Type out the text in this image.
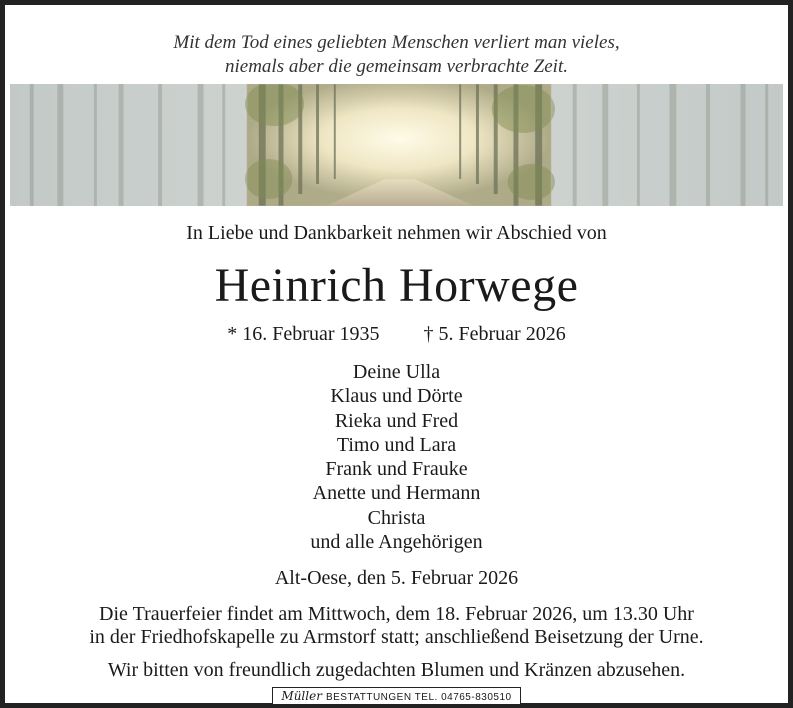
Mit dem Tod eines geliebten Menschen verliert man vieles,
niemals aber die gemeinsam verbrachte Zeit.
In Liebe und Dankbarkeit nehmen wir Abschied von
Heinrich Horwege
* 16. Februar 1935 † 5. Februar 2026
Deine Ulla
Klaus und Dörte
Rieka und Fred
Timo und Lara
Frank und Frauke
Anette und Hermann
Christa
und alle Angehörigen
Alt-Oese, den 5. Februar 2026
Die Trauerfeier findet am Mittwoch, dem 18. Februar 2026, um 13.30 Uhr
in der Friedhofskapelle zu Armstorf statt; anschließend Beisetzung der Urne.
Wir bitten von freundlich zugedachten Blumen und Kränzen abzusehen.
Müller BESTATTUNGEN TEL. 04765-830510
